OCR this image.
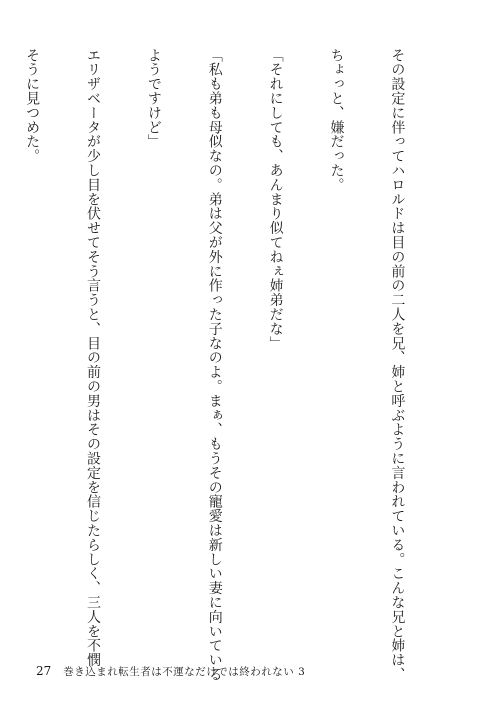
その設定に伴ってハロルドは目の前の二人を兄、姉と呼ぶように言われている。こんな兄と姉は、

ちょっと、嫌だった。

「それにしても、あんまり似てねぇ姉弟だな」

「私も弟も母似なの。弟は父が外に作った子なのよ。まぁ、もうその寵愛は新しい妻に向いている

ようですけど」

エリザベータが少し目を伏せてそう言うと、目の前の男はその設定を信じたらしく、三人を不憫

そうに見つめた。

27 巻き込まれ転生者は不運なだけでは終われない 3
